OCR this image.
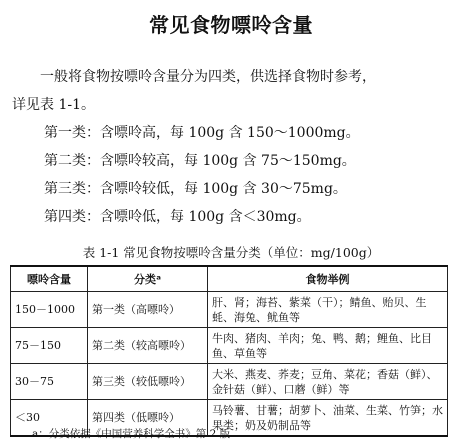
常见食物嘌呤含量
一般将食物按嘌呤含量分为四类，供选择食物时参考，
详见表 1-1。
第一类：含嘌呤高，每 100g 含 150～1000mg。
第二类：含嘌呤较高，每 100g 含 75～150mg。
第三类：含嘌呤较低，每 100g 含 30～75mg。
第四类：含嘌呤低，每 100g 含＜30mg。
表 1-1 常见食物按嘌呤含量分类（单位：mg/100g）
嘌呤含量	分类ᵃ	食物举例
150－1000	第一类（高嘌呤）	肝、肾；海苔、紫菜（干）；鲭鱼、贻贝、生蚝、海兔、鱿鱼等
75－150	第二类（较高嘌呤）	牛肉、猪肉、羊肉；兔、鸭、鹅；鲤鱼、比目鱼、草鱼等
30－75	第三类（较低嘌呤）	大米、燕麦、荞麦；豆角、菜花；香菇（鲜）、金针菇（鲜）、口蘑（鲜）等
＜30	第四类（低嘌呤）	马铃薯、甘薯；胡萝卜、油菜、生菜、竹笋；水果类；奶及奶制品等
a：分类依据《中国营养科学全书》第 2 版
